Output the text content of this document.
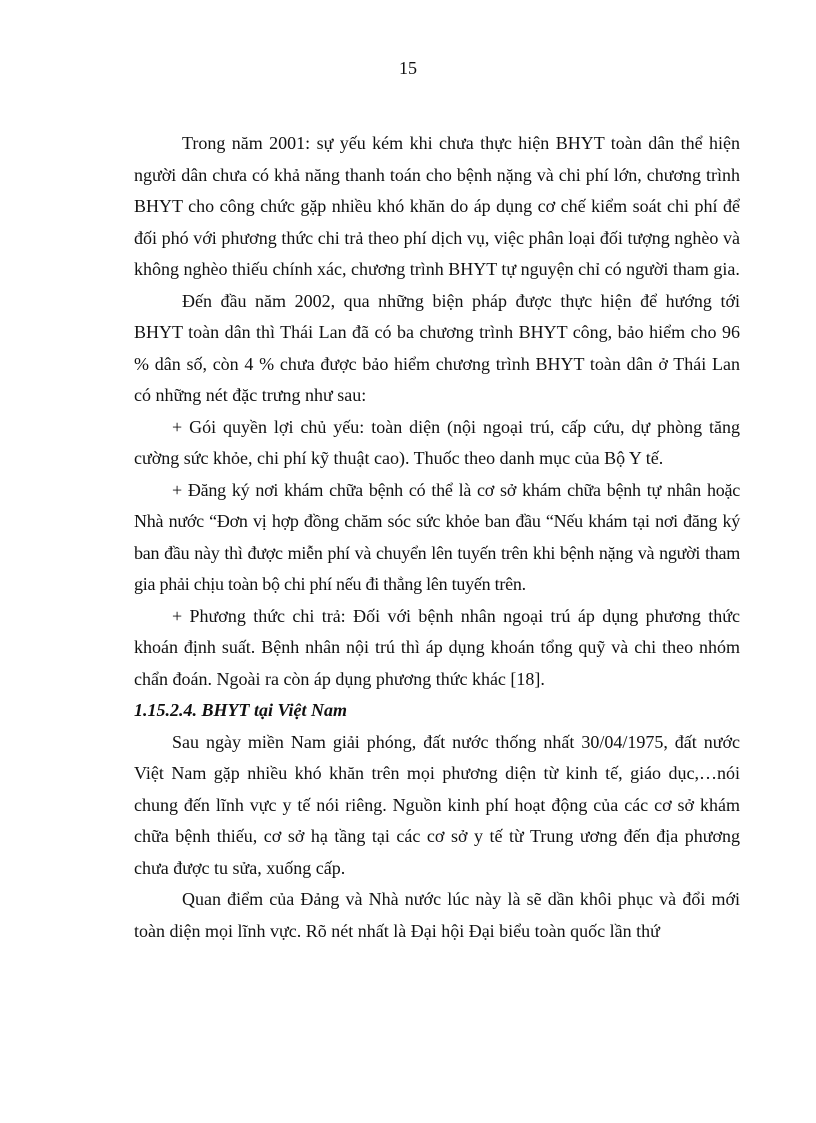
15

Trong năm 2001: sự yếu kém khi chưa thực hiện BHYT toàn dân thể hiện người dân chưa có khả năng thanh toán cho bệnh nặng và chi phí lớn, chương trình BHYT cho công chức gặp nhiều khó khăn do áp dụng cơ chế kiểm soát chi phí để đối phó với phương thức chi trả theo phí dịch vụ, việc phân loại đối tượng nghèo và không nghèo thiếu chính xác, chương trình BHYT tự nguyện chỉ có người tham gia.

Đến đầu năm 2002, qua những biện pháp được thực hiện để hướng tới BHYT toàn dân thì Thái Lan đã có ba chương trình BHYT công, bảo hiểm cho 96 % dân số, còn 4 % chưa được bảo hiểm chương trình BHYT toàn dân ở Thái Lan có những nét đặc trưng như sau:

+ Gói quyền lợi chủ yếu: toàn diện (nội ngoại trú, cấp cứu, dự phòng tăng cường sức khỏe, chi phí kỹ thuật cao). Thuốc theo danh mục của Bộ Y tế.

+ Đăng ký nơi khám chữa bệnh có thể là cơ sở khám chữa bệnh tự nhân hoặc Nhà nước “Đơn vị hợp đồng chăm sóc sức khỏe ban đầu “Nếu khám tại nơi đăng ký ban đầu này thì được miễn phí và chuyển lên tuyến trên khi bệnh nặng và người tham gia phải chịu toàn bộ chi phí nếu đi thẳng lên tuyến trên.

+ Phương thức chi trả: Đối với bệnh nhân ngoại trú áp dụng phương thức khoán định suất. Bệnh nhân nội trú thì áp dụng khoán tổng quỹ và chi theo nhóm chẩn đoán. Ngoài ra còn áp dụng phương thức khác [18].

1.15.2.4. BHYT tại Việt Nam

Sau ngày miền Nam giải phóng, đất nước thống nhất 30/04/1975, đất nước Việt Nam gặp nhiều khó khăn trên mọi phương diện từ kinh tế, giáo dục,…nói chung đến lĩnh vực y tế nói riêng. Nguồn kinh phí hoạt động của các cơ sở khám chữa bệnh thiếu, cơ sở hạ tầng tại các cơ sở y tế từ Trung ương đến địa phương chưa được tu sửa, xuống cấp.

Quan điểm của Đảng và Nhà nước lúc này là sẽ dần khôi phục và đổi mới toàn diện mọi lĩnh vực. Rõ nét nhất là Đại hội Đại biểu toàn quốc lần thứ
